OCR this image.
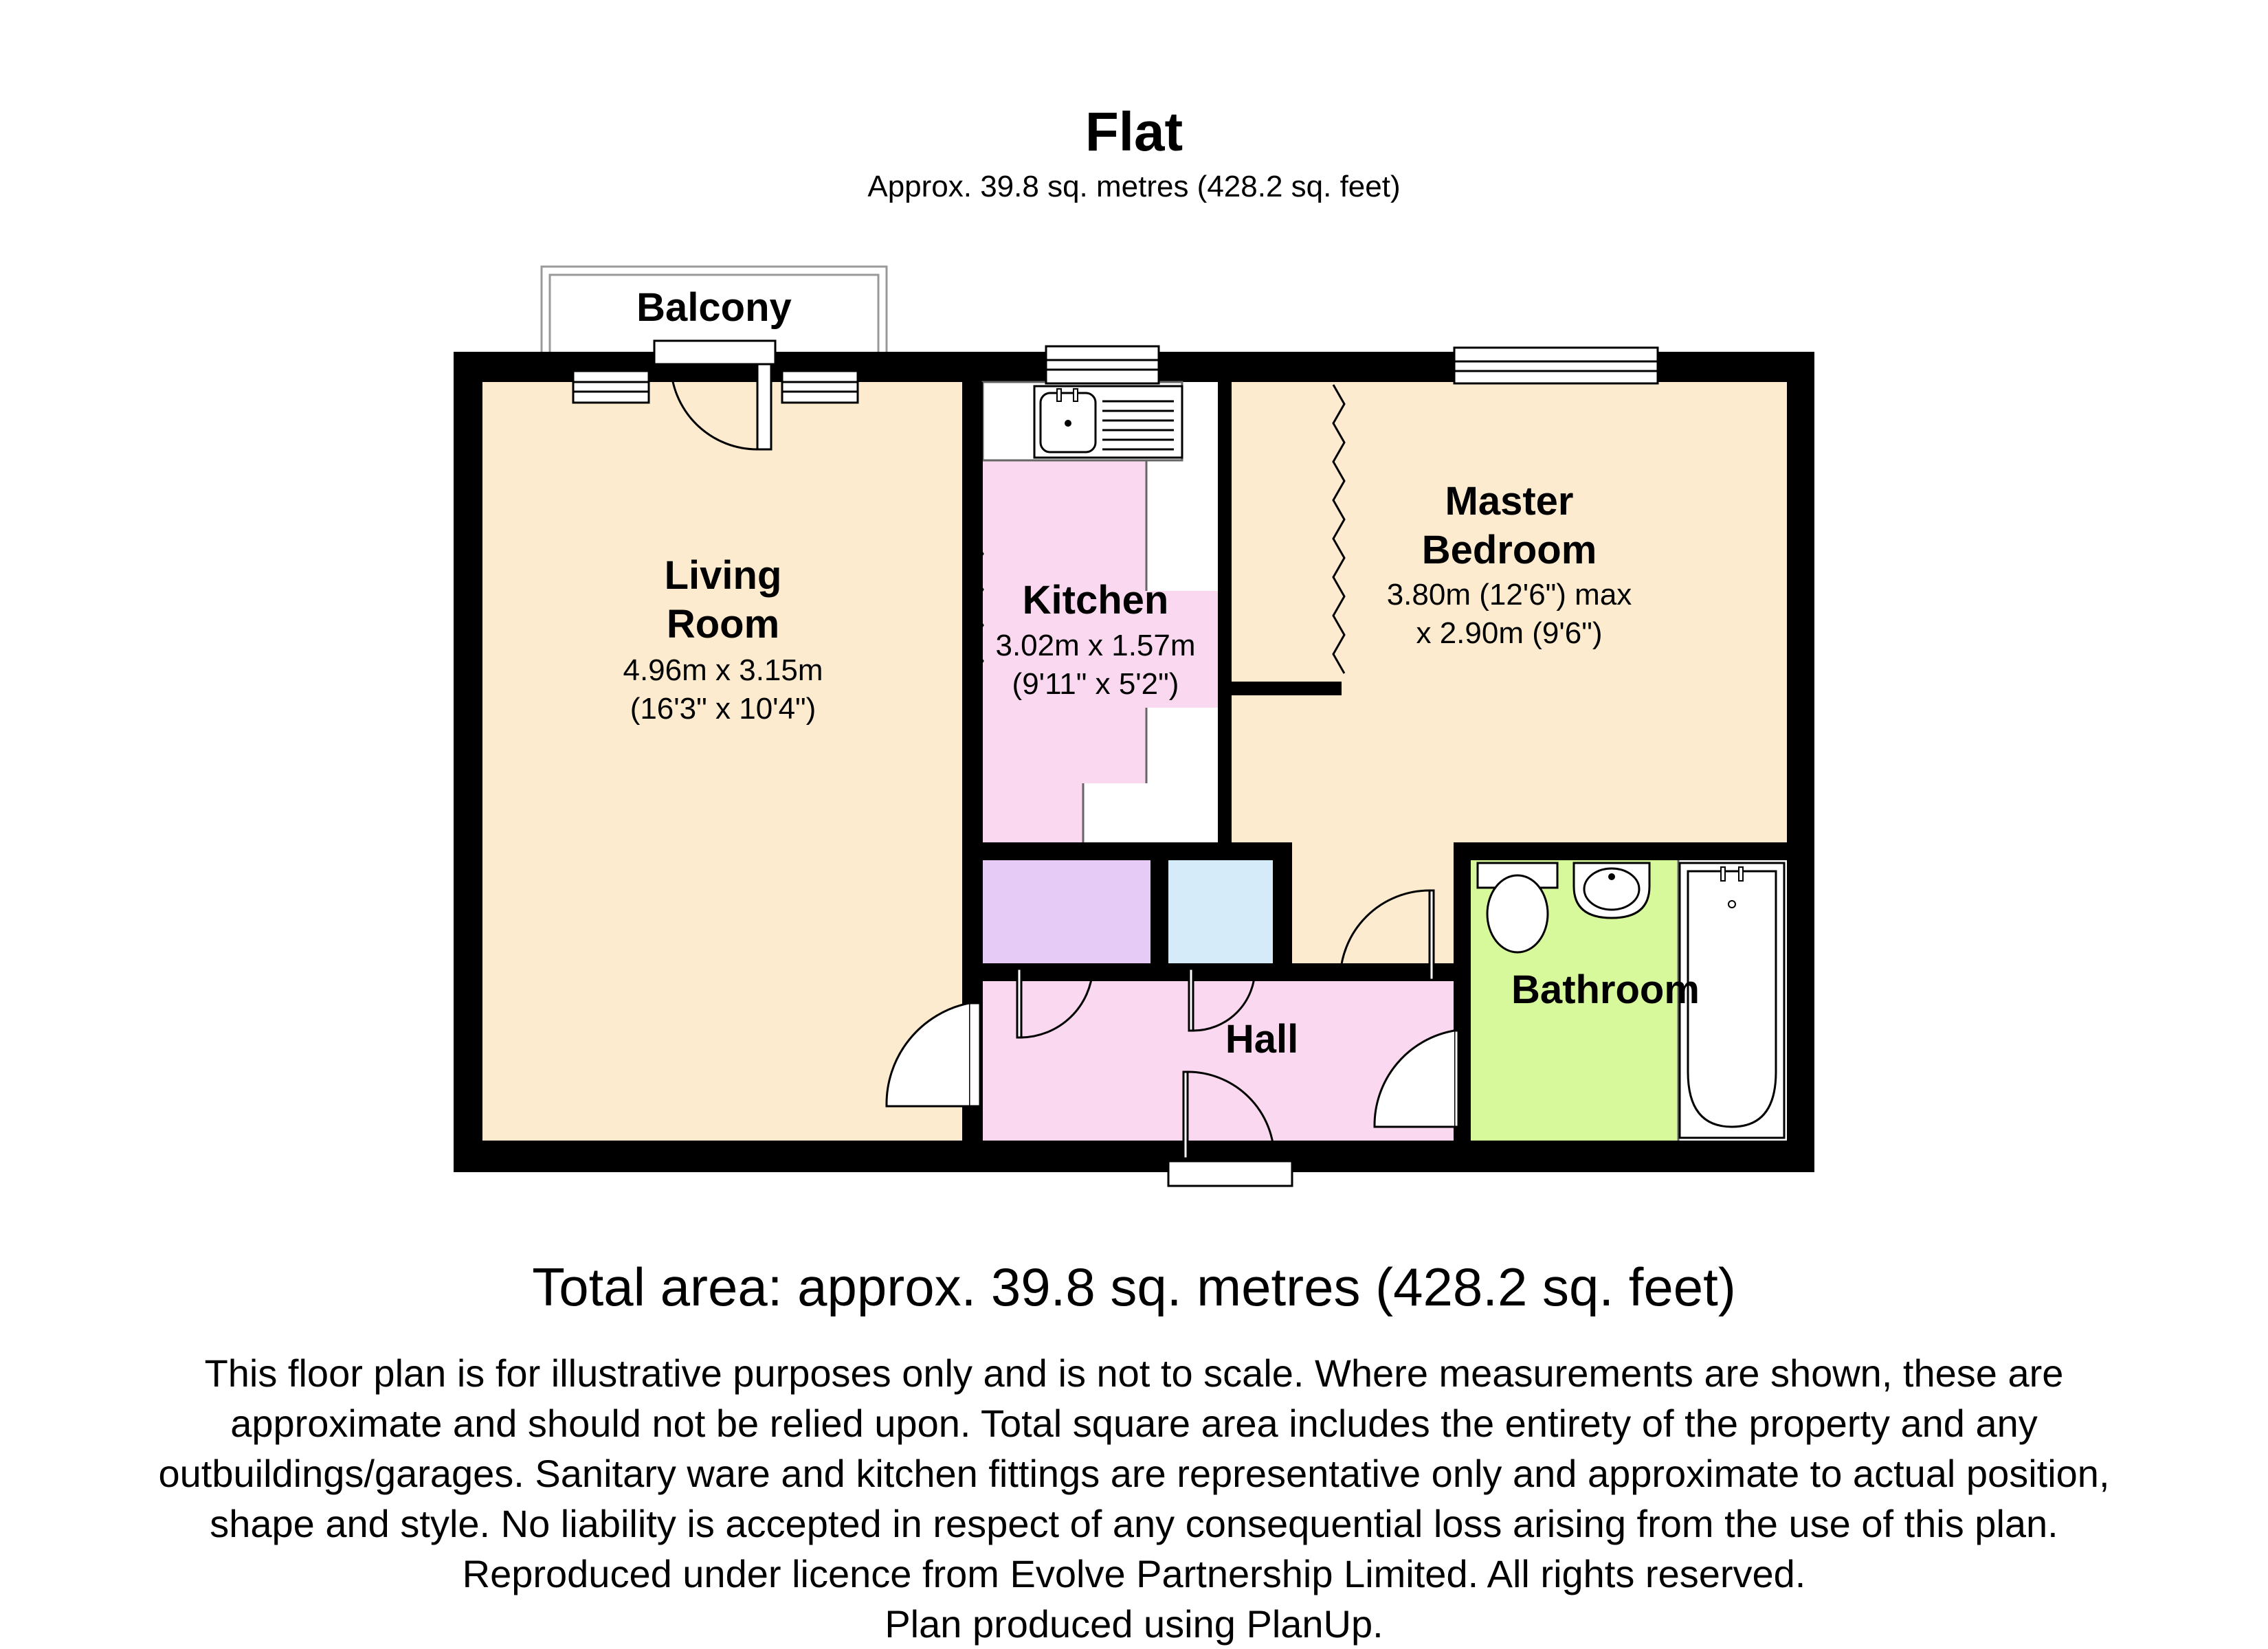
Flat
Approx. 39.8 sq. metres (428.2 sq. feet)
Balcony
Living
Room
4.96m x 3.15m
(16'3" x 10'4")
Kitchen
3.02m x 1.57m
(9'11" x 5'2")
Master
Bedroom
3.80m (12'6") max
x 2.90m (9'6")
Bathroom
Hall
Total area: approx. 39.8 sq. metres (428.2 sq. feet)
This floor plan is for illustrative purposes only and is not to scale. Where measurements are shown, these are
approximate and should not be relied upon. Total square area includes the entirety of the property and any
outbuildings/garages. Sanitary ware and kitchen fittings are representative only and approximate to actual position,
shape and style. No liability is accepted in respect of any consequential loss arising from the use of this plan.
Reproduced under licence from Evolve Partnership Limited. All rights reserved.
Plan produced using PlanUp.
